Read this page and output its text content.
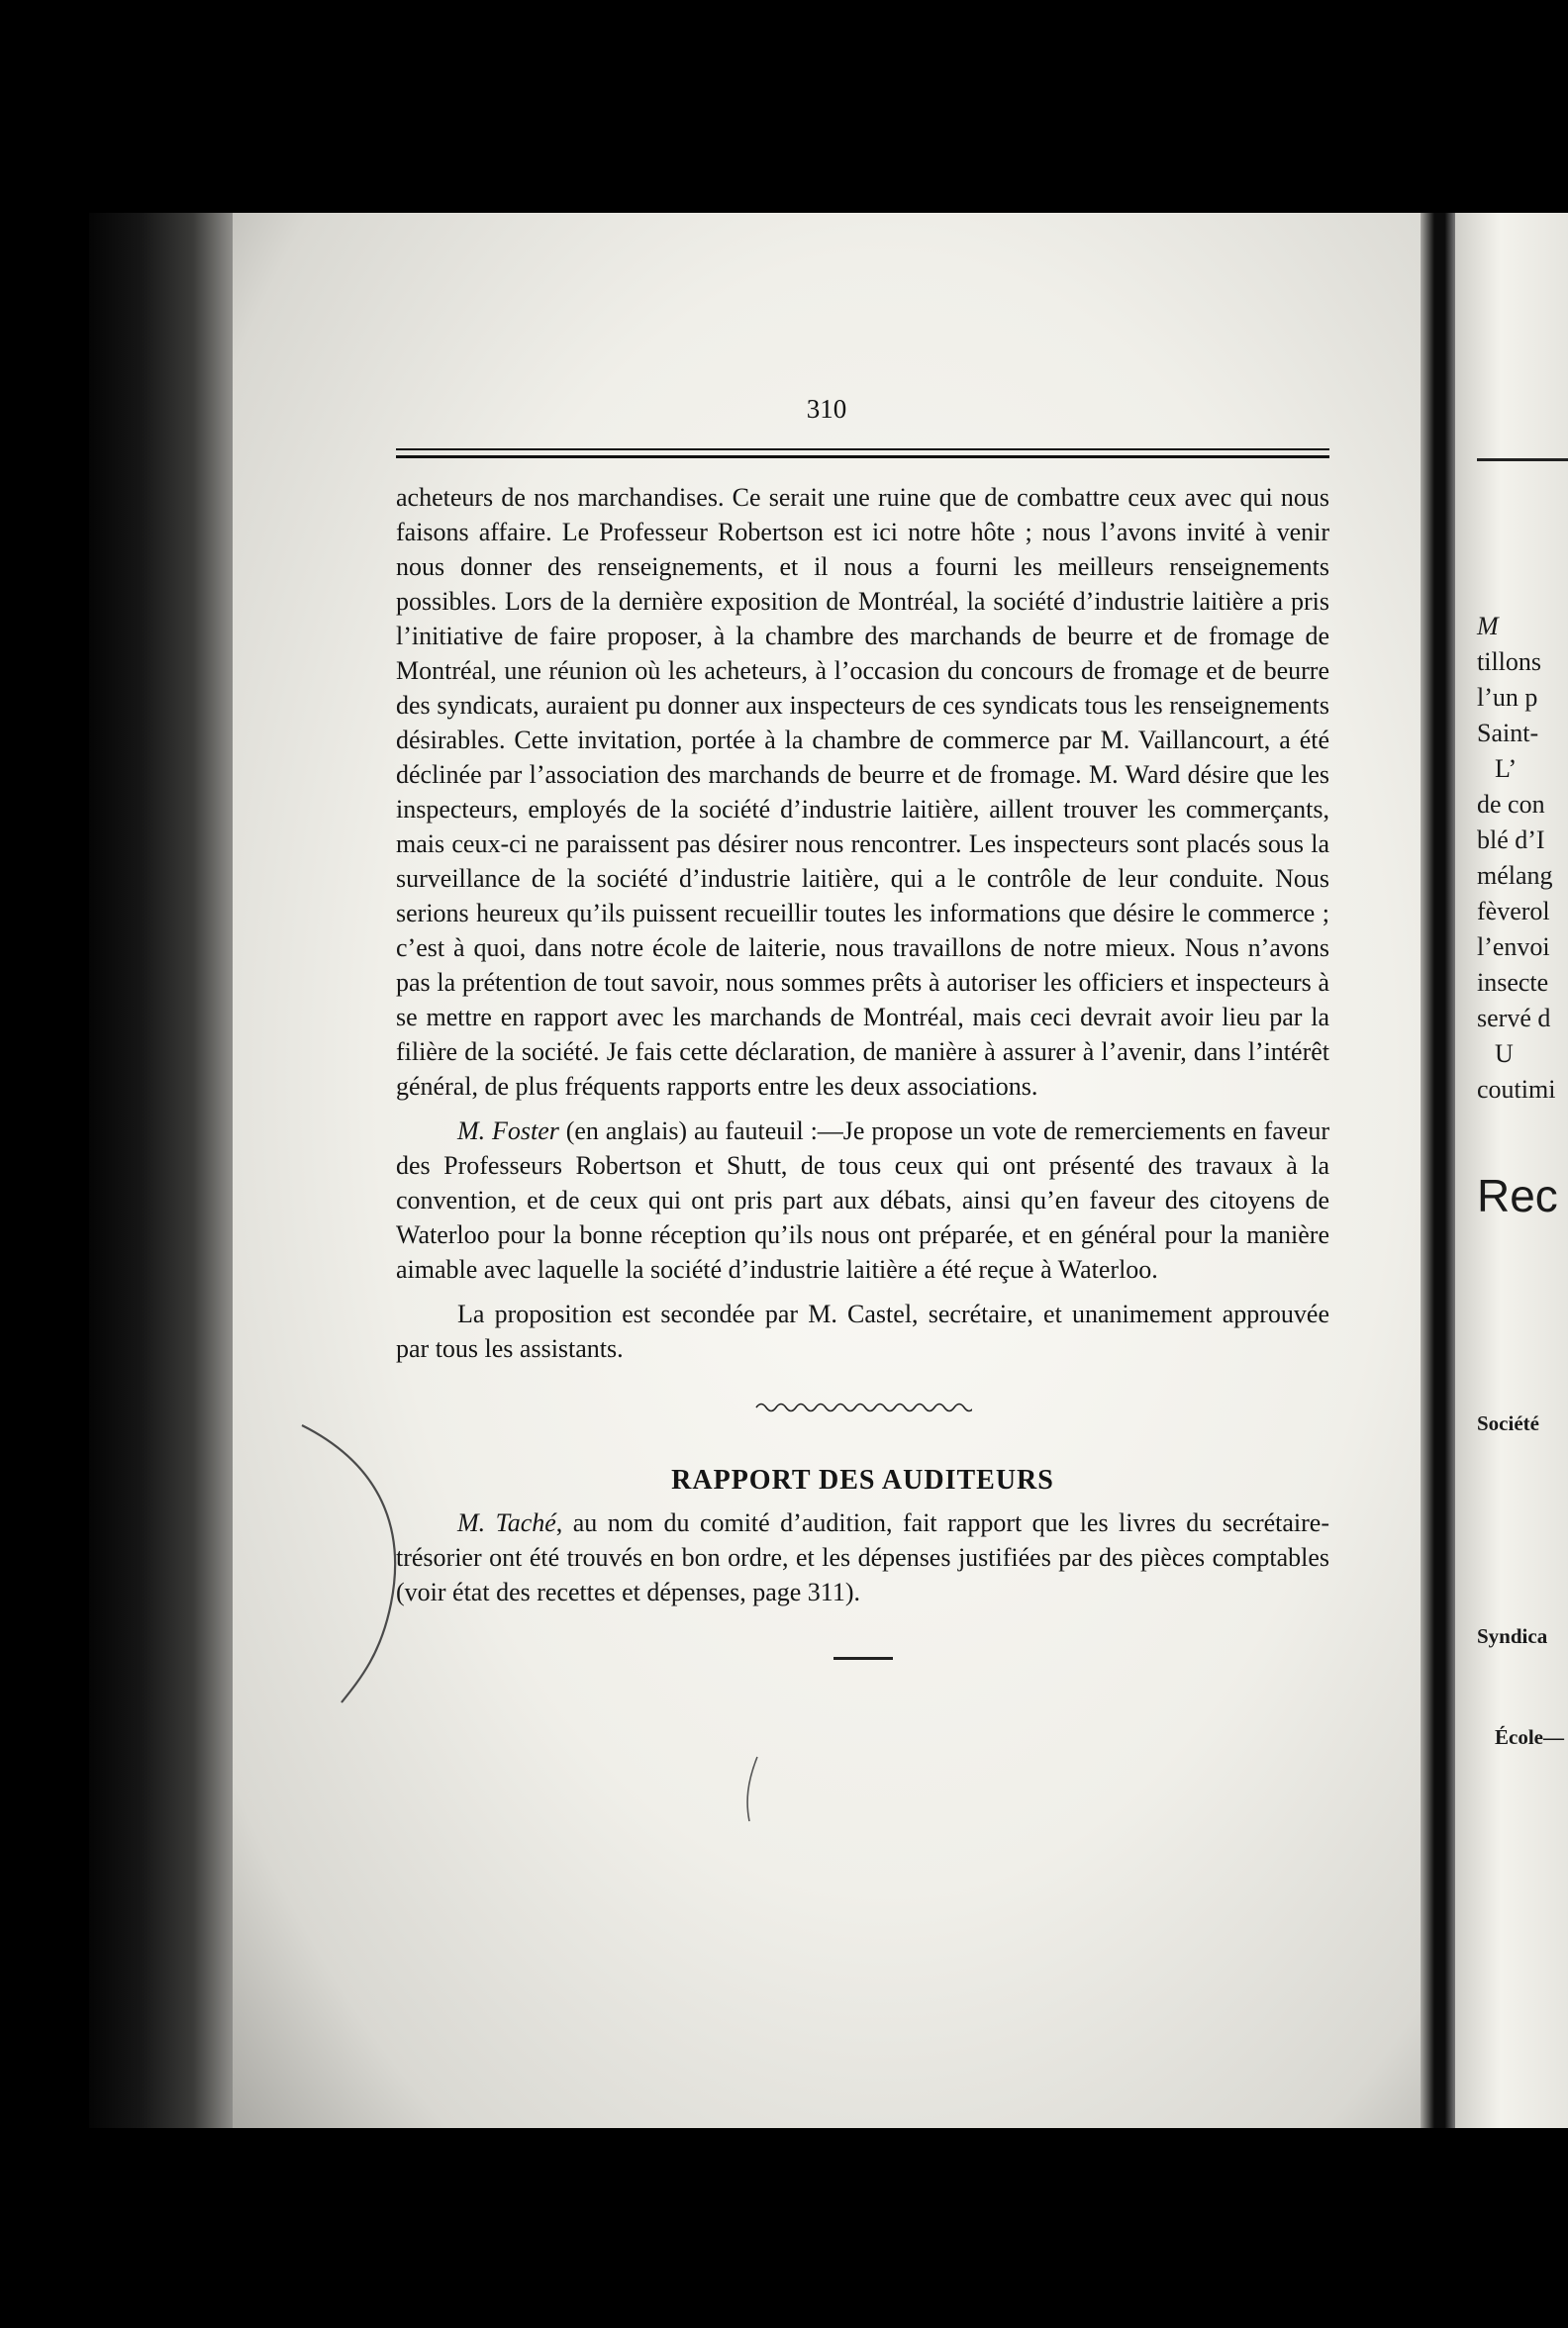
310

acheteurs de nos marchandises. Ce serait une ruine que de combattre ceux avec qui nous faisons affaire. Le Professeur Robertson est ici notre hôte ; nous l’avons invité à venir nous donner des renseignements, et il nous a fourni les meilleurs renseignements possibles. Lors de la dernière exposition de Montréal, la société d’industrie laitière a pris l’initiative de faire proposer, à la chambre des marchands de beurre et de fromage de Montréal, une réunion où les acheteurs, à l’occasion du concours de fromage et de beurre des syndicats, auraient pu donner aux inspecteurs de ces syndicats tous les renseignements désirables. Cette invitation, portée à la chambre de commerce par M. Vaillancourt, a été déclinée par l’association des marchands de beurre et de fromage. M. Ward désire que les inspecteurs, employés de la société d’industrie laitière, aillent trouver les commerçants, mais ceux-ci ne paraissent pas désirer nous rencontrer. Les inspecteurs sont placés sous la surveillance de la société d’industrie laitière, qui a le contrôle de leur conduite. Nous serions heureux qu’ils puissent recueillir toutes les informations que désire le commerce ; c’est à quoi, dans notre école de laiterie, nous travaillons de notre mieux. Nous n’avons pas la prétention de tout savoir, nous sommes prêts à autoriser les officiers et inspecteurs à se mettre en rapport avec les marchands de Montréal, mais ceci devrait avoir lieu par la filière de la société. Je fais cette déclaration, de manière à assurer à l’avenir, dans l’intérêt général, de plus fréquents rapports entre les deux associations.

M. Foster (en anglais) au fauteuil :—Je propose un vote de remerciements en faveur des Professeurs Robertson et Shutt, de tous ceux qui ont présenté des travaux à la convention, et de ceux qui ont pris part aux débats, ainsi qu’en faveur des citoyens de Waterloo pour la bonne réception qu’ils nous ont préparée, et en général pour la manière aimable avec laquelle la société d’industrie laitière a été reçue à Waterloo.

La proposition est secondée par M. Castel, secrétaire, et unanimement approuvée par tous les assistants.

RAPPORT DES AUDITEURS

M. Taché, au nom du comité d’audition, fait rapport que les livres du secrétaire-trésorier ont été trouvés en bon ordre, et les dépenses justifiées par des pièces comptables (voir état des recettes et dépenses, page 311).

M
tillons
l’un p
Saint-
L’
de con
blé d’I
mélang
fèverol
l’envoi
insecte
servé d
U
coutimi
Rec
Société
Syndica
École—
